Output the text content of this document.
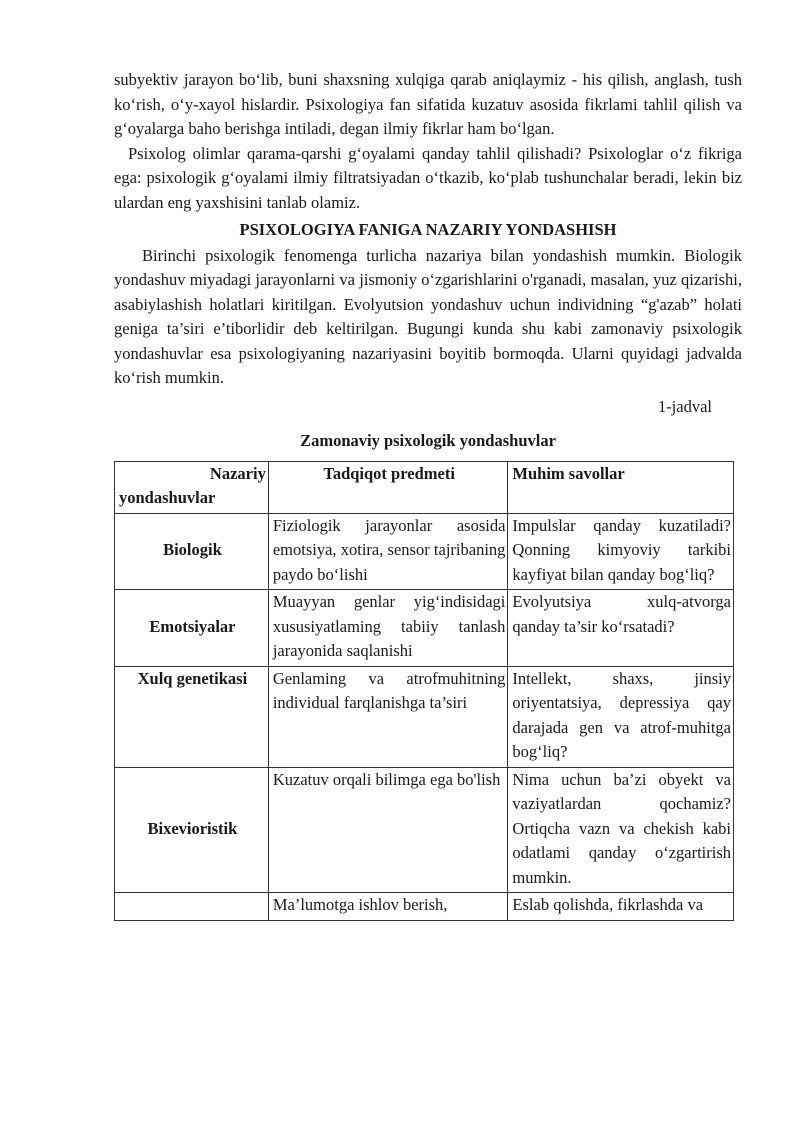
subyektiv jarayon bo‘lib, buni shaxsning xulqiga qarab aniqlaymiz - his qilish, anglash, tush ko‘rish, o‘y-xayol hislardir. Psixologiya fan sifatida kuzatuv asosida fikrlami tahlil qilish va g‘oyalarga baho berishga intiladi, degan ilmiy fikrlar ham bo‘lgan.

Psixolog olimlar qarama-qarshi g‘oyalami qanday tahlil qilishadi? Psixologlar o‘z fikriga ega: psixologik g‘oyalami ilmiy filtratsiyadan o‘tkazib, ko‘plab tushunchalar beradi, lekin biz ulardan eng yaxshisini tanlab olamiz.

PSIXOLOGIYA FANIGA NAZARIY YONDASHISH

Birinchi psixologik fenomenga turlicha nazariya bilan yondashish mumkin. Biologik yondashuv miyadagi jarayonlarni va jismoniy o‘zgarishlarini o'rganadi, masalan, yuz qizarishi, asabiylashish holatlari kiritilgan. Evolyutsion yondashuv uchun individning “g'azab” holati geniga ta’siri e’tiborlidir deb keltirilgan. Bugungi kunda shu kabi zamonaviy psixologik yondashuvlar esa psixologiyaning nazariyasini boyitib bormoqda. Ularni quyidagi jadvalda ko‘rish mumkin.

1-jadval

Zamonaviy psixologik yondashuvlar

Nazariy
yondashuvlar	Tadqiqot predmeti	Muhim savollar
Biologik	Fiziologik jarayonlar asosida emotsiya, xotira, sensor tajribaning paydo bo‘lishi	Impulslar qanday kuzatiladi? Qonning kimyoviy tarkibi kayfiyat bilan qanday bog‘liq?
Emotsiyalar	Muayyan genlar yig‘indisidagi xususiyatlaming tabiiy tanlash jarayonida saqlanishi	Evolyutsiya xulq-atvorga qanday ta’sir ko‘rsatadi?
Xulq genetikasi	Genlaming va atrofmuhitning individual farqlanishga ta’siri	Intellekt, shaxs, jinsiy oriyentatsiya, depressiya qay darajada gen va atrof-muhitga bog‘liq?
Bixevioristik	Kuzatuv orqali bilimga ega bo'lish	Nima uchun ba’zi obyekt va vaziyatlardan qochamiz? Ortiqcha vazn va chekish kabi odatlami qanday o‘zgartirish mumkin.
	Ma’lumotga ishlov berish,	Eslab qolishda, fikrlashda va
